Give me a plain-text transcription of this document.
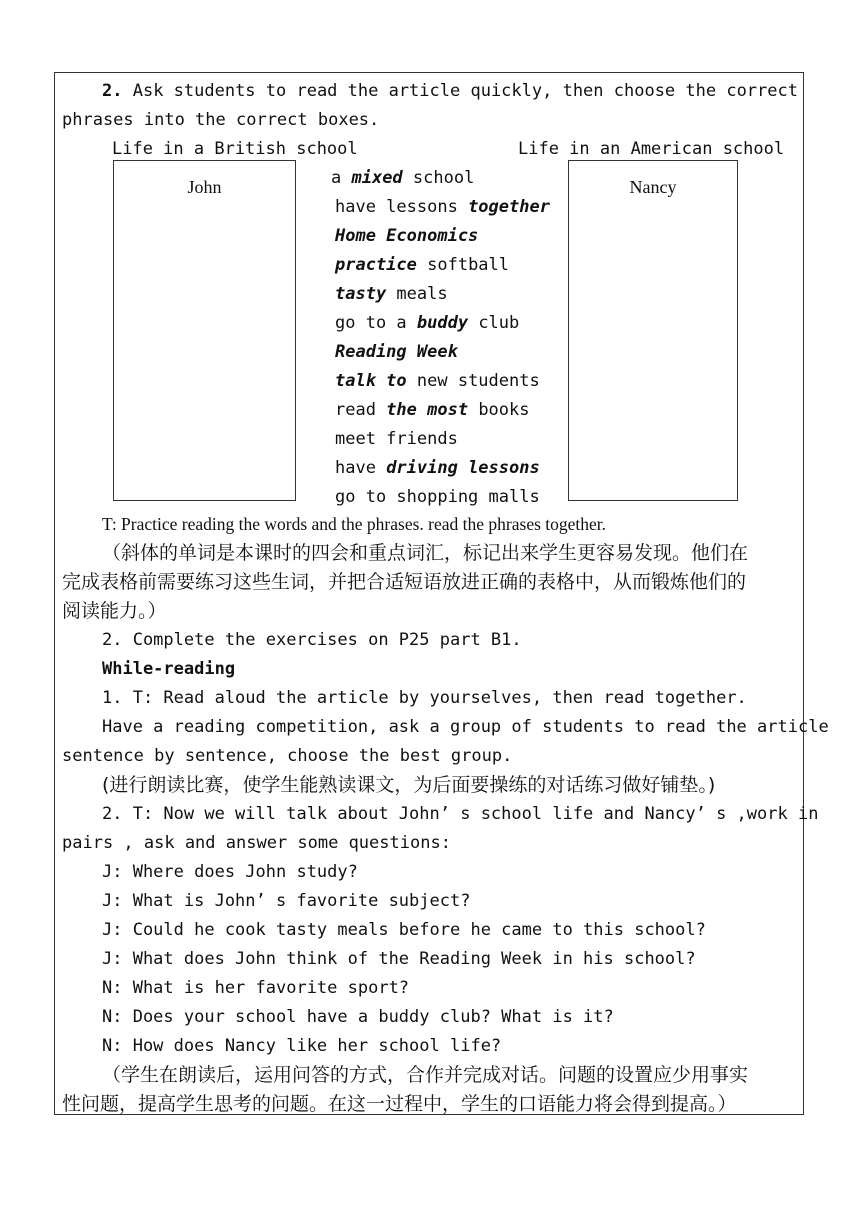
2. Ask students to read the article quickly, then choose the correct
phrases into the correct boxes.
Life in a British school	Life in an American school
John	Nancy
a mixed school
have lessons together
Home Economics
practice softball
tasty meals
go to a buddy club
Reading Week
talk to new students
read the most books
meet friends
have driving lessons
go to shopping malls
T: Practice reading the words and the phrases. read the phrases together.
（斜体的单词是本课时的四会和重点词汇，标记出来学生更容易发现。他们在
完成表格前需要练习这些生词，并把合适短语放进正确的表格中，从而锻炼他们的
阅读能力。）
2. Complete the exercises on P25 part B1.
While-reading
1. T: Read aloud the article by yourselves, then read together.
Have a reading competition, ask a group of students to read the article
sentence by sentence, choose the best group.
(进行朗读比赛，使学生能熟读课文，为后面要操练的对话练习做好铺垫。)
2. T: Now we will talk about John’ s school life and Nancy’ s ,work in
pairs , ask and answer some questions:
J: Where does John study?
J: What is John’ s favorite subject?
J: Could he cook tasty meals before he came to this school?
J: What does John think of the Reading Week in his school?
N: What is her favorite sport?
N: Does your school have a buddy club? What is it?
N: How does Nancy like her school life?
（学生在朗读后，运用问答的方式，合作并完成对话。问题的设置应少用事实
性问题，提高学生思考的问题。在这一过程中，学生的口语能力将会得到提高。）
